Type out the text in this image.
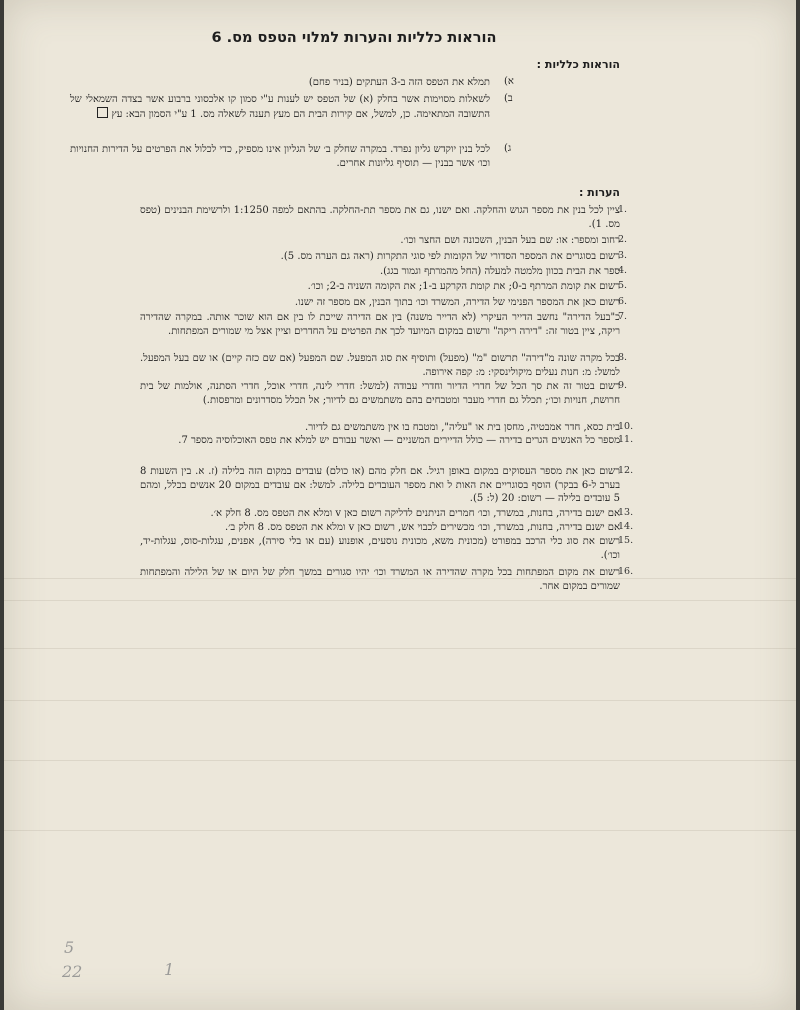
הוראות כלליות והערות למלוי הטפס מס. 6
הוראות כלליות :
א)
תמלא את הטפס הזה ב-3 העתקים (בניר פחם)
ב)
לשאלות מסוימות אשר בחלק (א) של הטפס יש לענות ע"י סמון קו אלכסוני ברבוע אשר בצדה השמאלי של התשובה המתאימה. כן, למשל, אם קירות הבית הם מעץ תענה לשאלה מס. 1 ע"י הסמון הבא: עץ
ג)
לכל בנין יוקדש גליון נפרד. במקרה שחלק ב׳ של הגליון אינו מספיק, כדי לכלול את הפרטים על הדירות החנויות וכו׳ אשר בבנין — תוסיף גליונות אחרים.
הערות :
1.
ציין לכל בנין את מספר הגוש והחלקה. ואם ישנו, גם את מספר תת-החלקה. בהתאם למפה 1:1250 ולרשימת הבנינים (טפס מס. 1).
2.
רחוב ומספר: או: שם בעל הבנין, השכונה ושם החצר וכו׳.
3.
רשום בסוגרים את המספר הסדורי של הקומות לפי סוגי התקרות (ראה גם הערה מס. 5).
4.
ספר את הבית בכוון מלמטה למעלה (החל מהמרתף וגמור בגג).
5.
רשום את קומת המרתף ב-0; את קומת הקרקע ב-1; את הקומה השניה ב-2; וכו׳.
6.
רשום כאן את המספר הפנימי של הדירה, המשרד וכו׳ בתוך הבנין, אם מספר זה ישנו.
7.
כ"בעל הדירה" נחשב הדייר העיקרי (לא הדייר משנה) בין אם הדירה שייכת לו בין אם הוא שוכר אותה. במקרה שהדירה ריקה, ציין בטור זה: "דירה ריקה" ורשום במקום המיועד לכך את הפרטים על החדרים וציין אצל מי שמורים המפתחות.
8.
בכל מקרה שונה מ"דירה" תרשום "מ" (מפעל) ותוסיף את סוג המפעל. שם המפעל (אם שם כזה קיים) או שם בעל המפעל. למשל: מ: חנות נעלים מיקולינסקי: מ: קפה אירופה.
9.
רשום בטור זה את סך הכל של חדרי הדיור וחדרי עבודה (למשל: חדרי לינה, חדרי אוכל, חדרי הסתנה, אולמות של בית חרושת, חנויות וכו׳; תכלל גם חדרי מעבר ומטבחים בהם משתמשים גם לדיור; אל תכלל מסדרונים ומרפסות.)
10.
בית כסא, חדר אמבטיה, מחסן בית או "עליה", ומטבח בו אין משתמשים גם לדיור.
11.
מספר כל האנשים הגרים בדירה — כולל הדיירים המשניים — ואשר עבורם יש למלא את טפס האוכלוסיה מספר 7.
12.
רשום כאן את מספר העסוקים במקום באופן רגיל. אם חלק מהם (או כולם) עובדים במקום הזה בלילה (ז. א. בין השעות 8 בערב ל-6 בבקר) הוסף בסוגריים את האות ל ואת מספר העובדים בלילה. למשל: אם עובדים במקום 20 אנשים בכלל, ומהם 5 עובדים בלילה — רשום: 20 (ל: 5).
13.
אם ישנם בדירה, בחנות, במשרד, וכו׳ חמרים הניתנים לדליקה רשום כאן v ומלא את הטפס מס. 8 חלק א׳.
14.
אם ישנם בדירה, בחנות, במשרד, וכו׳ מכשירים לכבוי אש, רשום כאן v ומלא את הטפס מס. 8 חלק ב׳.
15.
רשום את סוג כלי הרכב במפורט (מכונית משא, מכונית נוסעים, אופנוע (עם או בלי סירה), אפנים, עגלות-סוס, עגלות-יד, וכו׳).
16.
רשום את מקום המפתחות בכל מקרה שהדירה או המשרד וכו׳ יהיו סגורים במשך חלק של היום או של הלילה והמפתחות שמורים במקום אחר.
5
22	1
